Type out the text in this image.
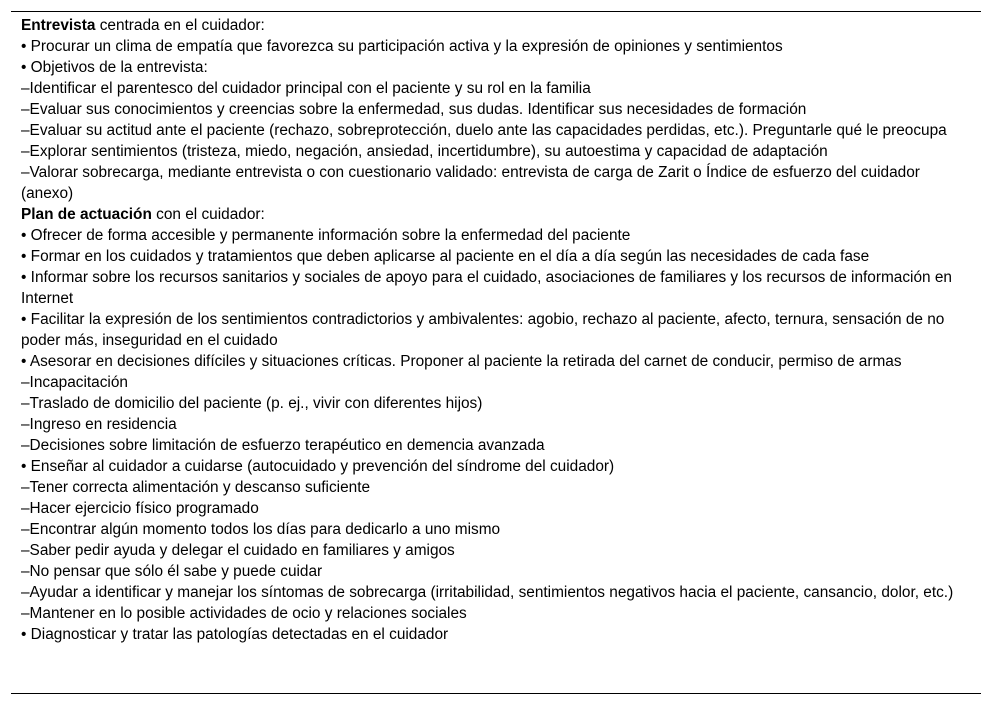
Entrevista centrada en el cuidador:
• Procurar un clima de empatía que favorezca su participación activa y la expresión de opiniones y sentimientos
• Objetivos de la entrevista:
–Identificar el parentesco del cuidador principal con el paciente y su rol en la familia
–Evaluar sus conocimientos y creencias sobre la enfermedad, sus dudas. Identificar sus necesidades de formación
–Evaluar su actitud ante el paciente (rechazo, sobreprotección, duelo ante las capacidades perdidas, etc.). Preguntarle qué le preocupa
–Explorar sentimientos (tristeza, miedo, negación, ansiedad, incertidumbre), su autoestima y capacidad de adaptación
–Valorar sobrecarga, mediante entrevista o con cuestionario validado: entrevista de carga de Zarit o Índice de esfuerzo del cuidador (anexo)
Plan de actuación con el cuidador:
• Ofrecer de forma accesible y permanente información sobre la enfermedad del paciente
• Formar en los cuidados y tratamientos que deben aplicarse al paciente en el día a día según las necesidades de cada fase
• Informar sobre los recursos sanitarios y sociales de apoyo para el cuidado, asociaciones de familiares y los recursos de información en Internet
• Facilitar la expresión de los sentimientos contradictorios y ambivalentes: agobio, rechazo al paciente, afecto, ternura, sensación de no poder más, inseguridad en el cuidado
• Asesorar en decisiones difíciles y situaciones críticas. Proponer al paciente la retirada del carnet de conducir, permiso de armas
–Incapacitación
–Traslado de domicilio del paciente (p. ej., vivir con diferentes hijos)
–Ingreso en residencia
–Decisiones sobre limitación de esfuerzo terapéutico en demencia avanzada
• Enseñar al cuidador a cuidarse (autocuidado y prevención del síndrome del cuidador)
–Tener correcta alimentación y descanso suficiente
–Hacer ejercicio físico programado
–Encontrar algún momento todos los días para dedicarlo a uno mismo
–Saber pedir ayuda y delegar el cuidado en familiares y amigos
–No pensar que sólo él sabe y puede cuidar
–Ayudar a identificar y manejar los síntomas de sobrecarga (irritabilidad, sentimientos negativos hacia el paciente, cansancio, dolor, etc.)
–Mantener en lo posible actividades de ocio y relaciones sociales
• Diagnosticar y tratar las patologías detectadas en el cuidador
